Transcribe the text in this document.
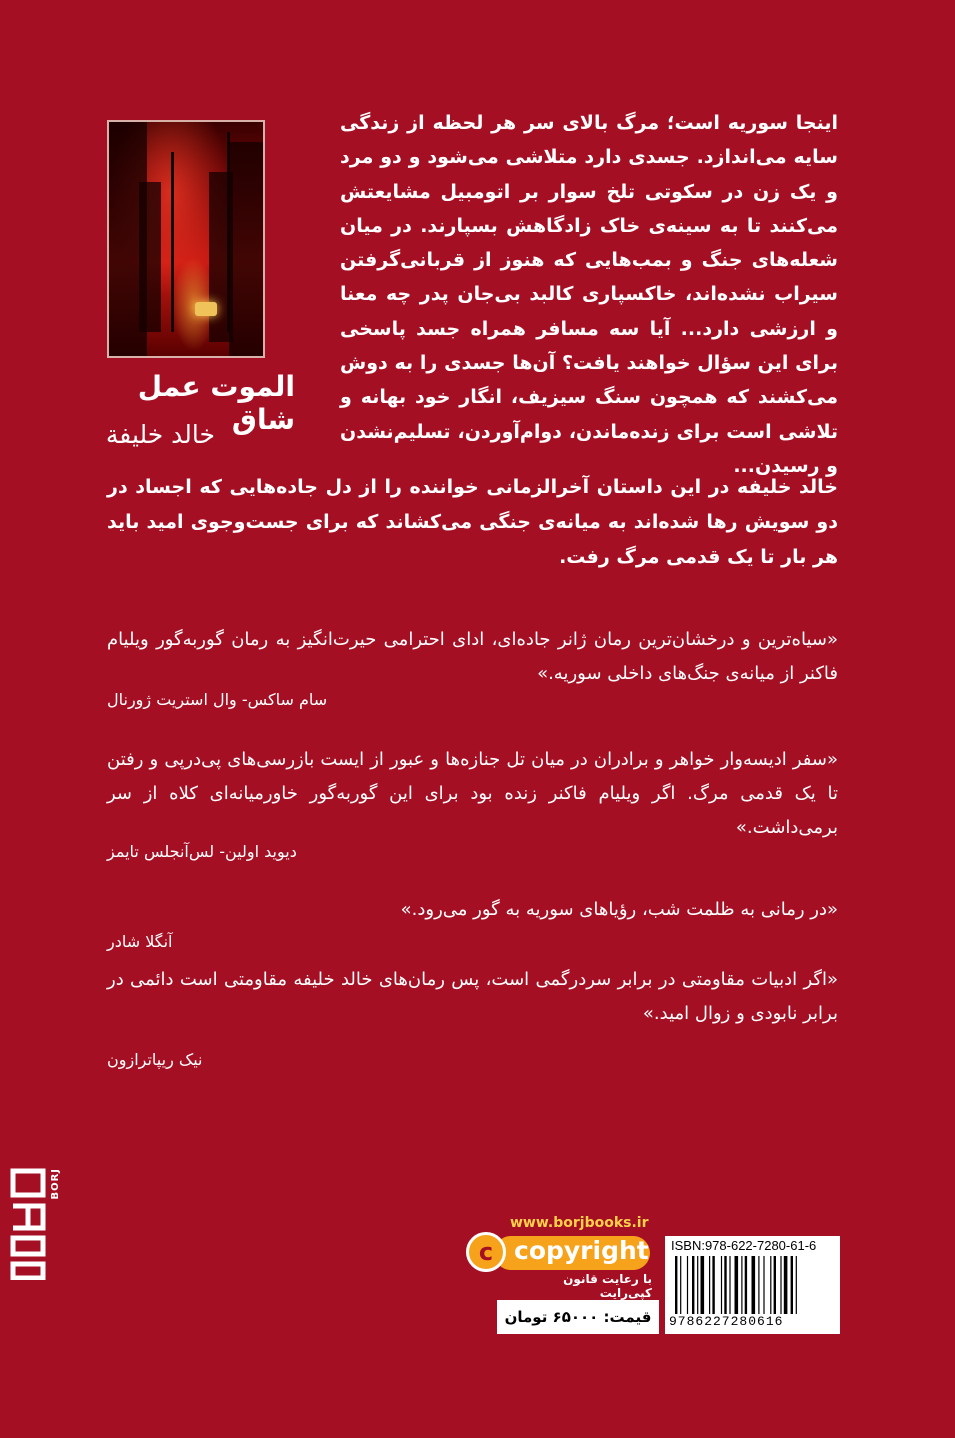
الموت عمل شاق
خالد خلیفة

اینجا سوریه است؛ مرگ بالای سر هر لحظه از زندگی سایه می‌اندازد. جسدی دارد متلاشی می‌شود و دو مرد و یک زن در سکوتی تلخ سوار بر اتومبیل مشایعتش می‌کنند تا به سینه‌ی خاک زادگاهش بسپارند. در میان شعله‌های جنگ و بمب‌هایی که هنوز از قربانی‌گرفتن سیراب نشده‌اند، خاکسپاری کالبد بی‌جان پدر چه معنا و ارزشی دارد... آیا سه مسافر همراه جسد پاسخی برای این سؤال خواهند یافت؟ آن‌ها جسدی را به دوش می‌کشند که همچون سنگ سیزیف، انگار خود بهانه و تلاشی است برای زنده‌ماندن، دوام‌آوردن، تسلیم‌نشدن و رسیدن...

خالد خلیفه در این داستان آخرالزمانی خواننده را از دل جاده‌هایی که اجساد در دو سویش رها شده‌اند به میانه‌ی جنگی می‌کشاند که برای جست‌وجوی امید باید هر بار تا یک قدمی مرگ رفت.

«سیاه‌ترین و درخشان‌ترین رمان ژانر جاده‌ای، ادای احترامی حیرت‌انگیز به رمان گور‌به‌گور ویلیام فاکنر از میانه‌ی جنگ‌های داخلی سوریه.»

سام ساکس- وال استریت ژورنال

«سفر ادیسه‌وار خواهر و برادران در میان تل جنازه‌ها و عبور از ایست بازرسی‌های پی‌درپی و رفتن تا یک قدمی مرگ. اگر ویلیام فاکنر زنده بود برای این گور‌به‌گور خاورمیانه‌ای کلاه از سر برمی‌داشت.»

دیوید اولین- لس‌آنجلس تایمز

«در رمانی به ظلمت شب، رؤیاهای سوریه به گور می‌رود.»

آنگلا شادر

«اگر ادبیات مقاومتی در برابر سردرگمی است، پس رمان‌های خالد خلیفه مقاومتی است دائمی در برابر نابودی و زوال امید.»

نیک ریپاترازون
BORJ
www.borjbooks.ir
c copyright
با رعایت قانون کپی‌رایت
ISBN:978-622-7280-61-6
9786227280616
قیمت: ۶۵۰۰۰ تومان
